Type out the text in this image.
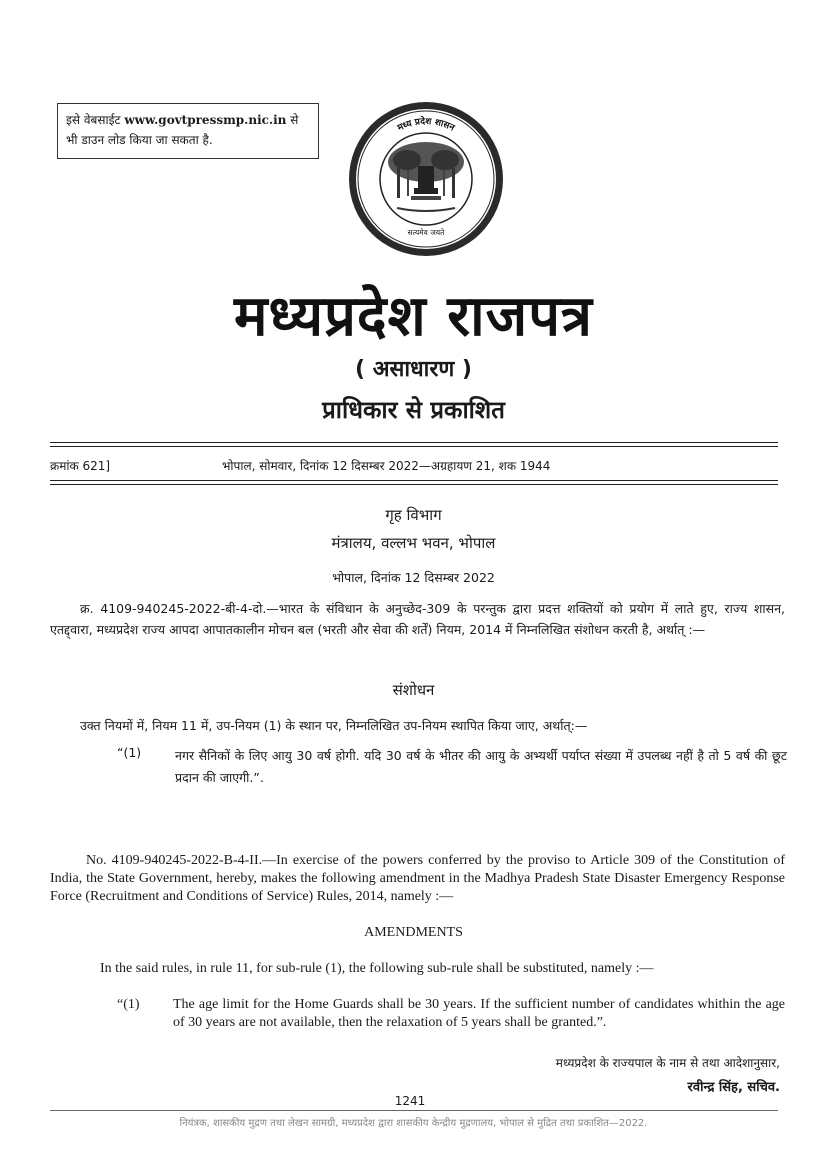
इसे वेबसाईट www.govtpressmp.nic.in से
भी डाउन लोड किया जा सकता है.
मध्य प्रदेश शासन
सत्यमेव जयते
मध्यप्रदेश राजपत्र
( असाधारण )
प्राधिकार से प्रकाशित
क्रमांक 621]	भोपाल, सोमवार, दिनांक 12 दिसम्बर 2022—अग्रहायण 21, शक 1944
गृह विभाग
मंत्रालय, वल्लभ भवन, भोपाल
भोपाल, दिनांक 12 दिसम्बर 2022
क्र. 4109-940245-2022-बी-4-दो.—भारत के संविधान के अनुच्छेद-309 के परन्तुक द्वारा प्रदत्त शक्तियों को प्रयोग में लाते हुए, राज्य शासन, एतद्द्वारा, मध्यप्रदेश राज्य आपदा आपातकालीन मोचन बल (भरती और सेवा की शर्तें) नियम, 2014 में निम्नलिखित संशोधन करती है, अर्थात् :—
संशोधन
उक्त नियमों में, नियम 11 में, उप-नियम (1) के स्थान पर, निम्नलिखित उप-नियम स्थापित किया जाए, अर्थात्:—
“(1)	नगर सैनिकों के लिए आयु 30 वर्ष होगी. यदि 30 वर्ष के भीतर की आयु के अभ्यर्थी पर्याप्त संख्या में उपलब्ध नहीं है तो 5 वर्ष की छूट प्रदान की जाएगी.”.
No. 4109-940245-2022-B-4-II.—In exercise of the powers conferred by the proviso to Article 309 of the Constitution of India, the State Government, hereby, makes the following amendment in the Madhya Pradesh State Disaster Emergency Response Force (Recruitment and Conditions of Service) Rules, 2014, namely :—
AMENDMENTS
In the said rules, in rule 11, for sub-rule (1), the following sub-rule shall be substituted, namely :—
“(1) The age limit for the Home Guards shall be 30 years. If the sufficient number of candidates whithin the age of 30 years are not available, then the relaxation of 5 years shall be granted.”.
मध्यप्रदेश के राज्यपाल के नाम से तथा आदेशानुसार,
रवीन्द्र सिंह, सचिव.
1241
नियंत्रक, शासकीय मुद्रण तथा लेखन सामग्री, मध्यप्रदेश द्वारा शासकीय केन्द्रीय मुद्रणालय, भोपाल से मुद्रित तथा प्रकाशित—2022.
